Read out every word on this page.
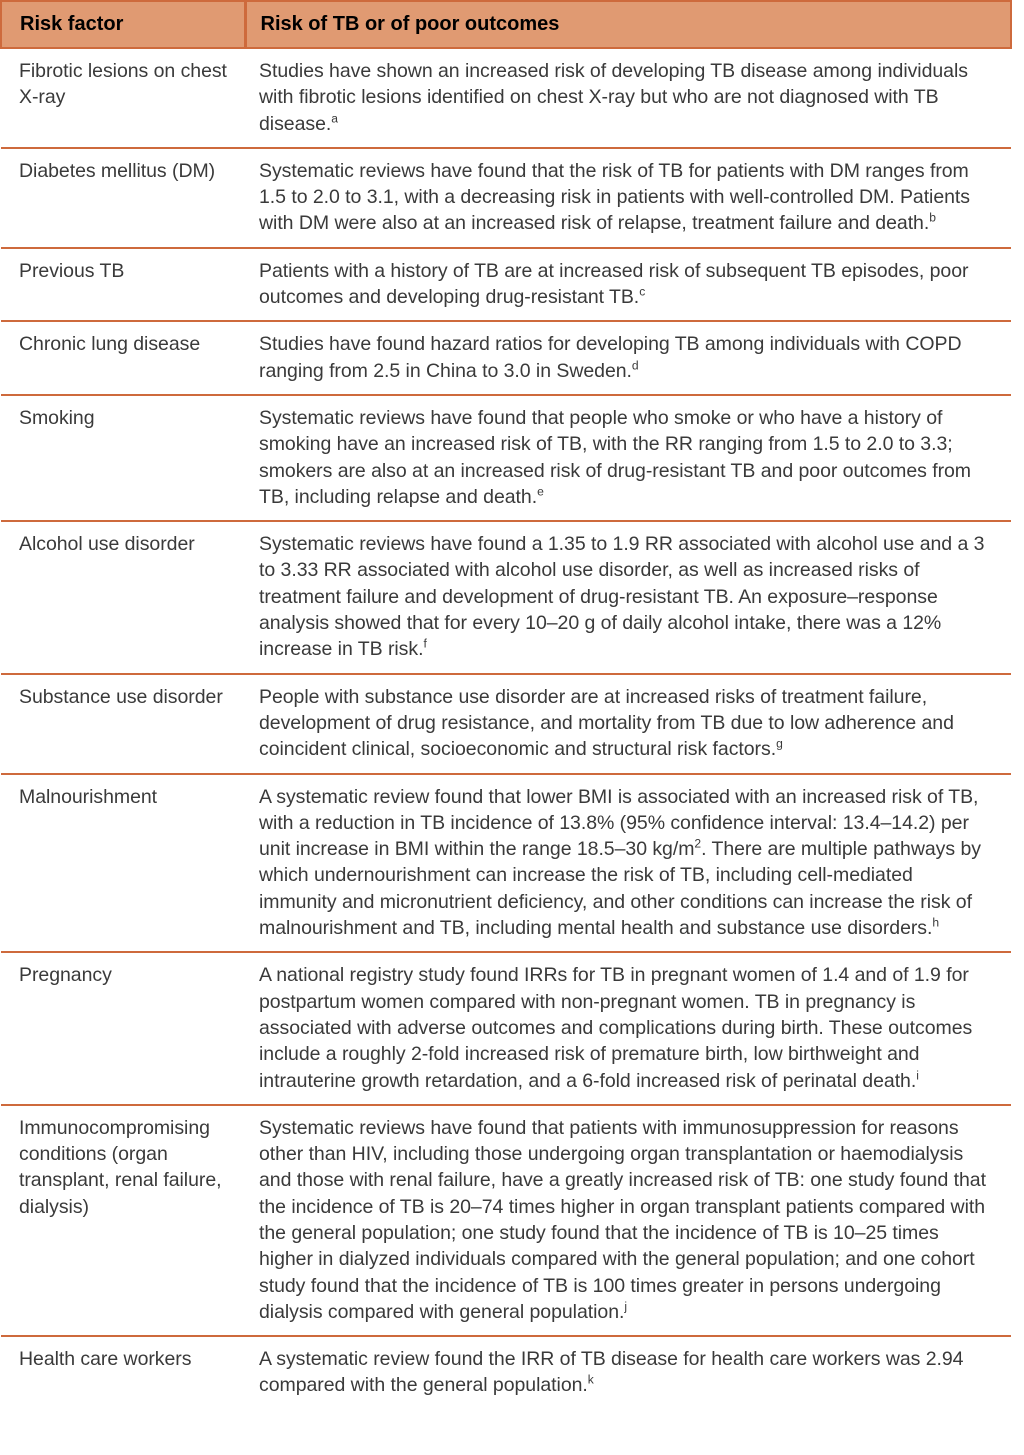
Risk factor	Risk of TB or of poor outcomes
Fibrotic lesions on chest X-ray	Studies have shown an increased risk of developing TB disease among individuals with fibrotic lesions identified on chest X-ray but who are not diagnosed with TB disease.$^a$
Diabetes mellitus (DM)	Systematic reviews have found that the risk of TB for patients with DM ranges from 1.5 to 2.0 to 3.1, with a decreasing risk in patients with well-controlled DM. Patients with DM were also at an increased risk of relapse, treatment failure and death.$^b$
Previous TB	Patients with a history of TB are at increased risk of subsequent TB episodes, poor outcomes and developing drug-resistant TB.$^c$
Chronic lung disease	Studies have found hazard ratios for developing TB among individuals with COPD ranging from 2.5 in China to 3.0 in Sweden.$^d$
Smoking	Systematic reviews have found that people who smoke or who have a history of smoking have an increased risk of TB, with the RR ranging from 1.5 to 2.0 to 3.3; smokers are also at an increased risk of drug-resistant TB and poor outcomes from TB, including relapse and death.$^e$
Alcohol use disorder	Systematic reviews have found a 1.35 to 1.9 RR associated with alcohol use and a 3 to 3.33 RR associated with alcohol use disorder, as well as increased risks of treatment failure and development of drug-resistant TB. An exposure–response analysis showed that for every 10–20 g of daily alcohol intake, there was a 12% increase in TB risk.$^f$
Substance use disorder	People with substance use disorder are at increased risks of treatment failure, development of drug resistance, and mortality from TB due to low adherence and coincident clinical, socioeconomic and structural risk factors.$^g$
Malnourishment	A systematic review found that lower BMI is associated with an increased risk of TB, with a reduction in TB incidence of 13.8% (95% confidence interval: 13.4–14.2) per unit increase in BMI within the range 18.5–30 $kg/m^2$. There are multiple pathways by which undernourishment can increase the risk of TB, including cell-mediated immunity and micronutrient deficiency, and other conditions can increase the risk of malnourishment and TB, including mental health and substance use disorders.$^h$
Pregnancy	A national registry study found IRRs for TB in pregnant women of 1.4 and of 1.9 for postpartum women compared with non-pregnant women. TB in pregnancy is associated with adverse outcomes and complications during birth. These outcomes include a roughly 2-fold increased risk of premature birth, low birthweight and intrauterine growth retardation, and a 6-fold increased risk of perinatal death.$^i$
Immunocompromising conditions (organ transplant, renal failure, dialysis)	Systematic reviews have found that patients with immunosuppression for reasons other than HIV, including those undergoing organ transplantation or haemodialysis and those with renal failure, have a greatly increased risk of TB: one study found that the incidence of TB is 20–74 times higher in organ transplant patients compared with the general population; one study found that the incidence of TB is 10–25 times higher in dialyzed individuals compared with the general population; and one cohort study found that the incidence of TB is 100 times greater in persons undergoing dialysis compared with general population.$^j$
Health care workers	A systematic review found the IRR of TB disease for health care workers was 2.94 compared with the general population.$^k$
